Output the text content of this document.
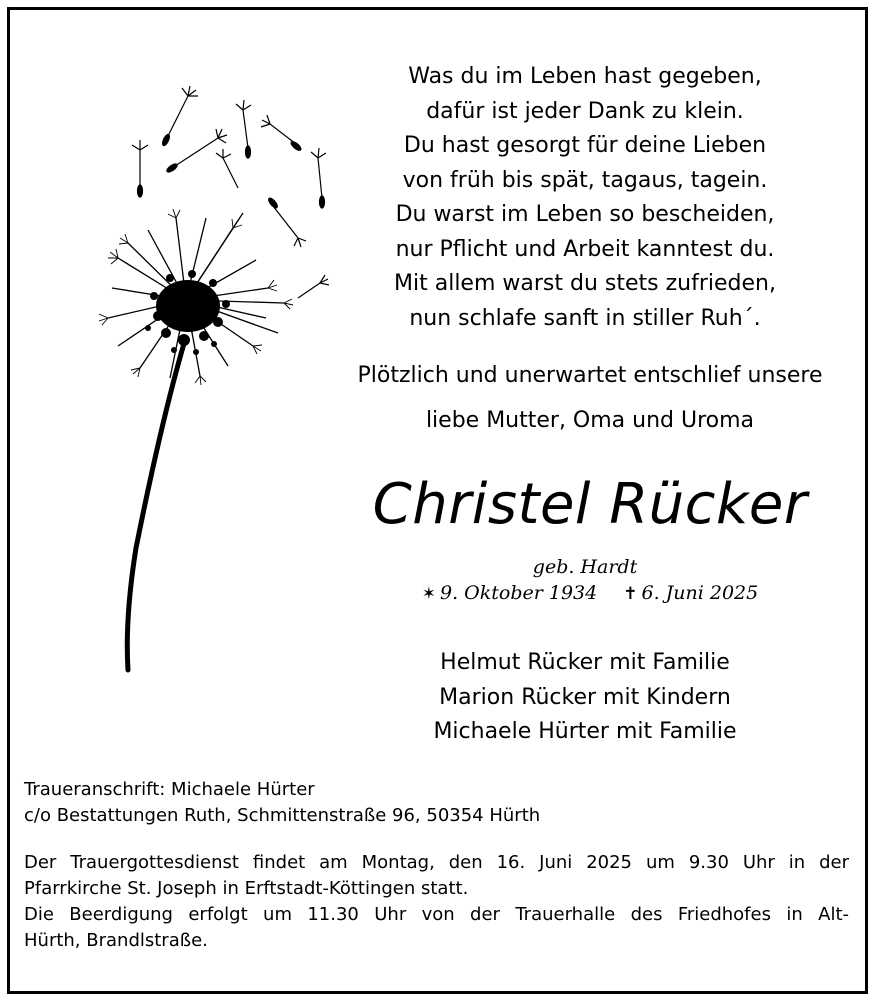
Was du im Leben hast gegeben,
dafür ist jeder Dank zu klein.
Du hast gesorgt für deine Lieben
von früh bis spät, tagaus, tagein.
Du warst im Leben so bescheiden,
nur Pflicht und Arbeit kanntest du.
Mit allem warst du stets zufrieden,
nun schlafe sanft in stiller Ruh´.
Plötzlich und unerwartet entschlief unsere
liebe Mutter, Oma und Uroma
Christel Rücker
geb. Hardt
✶ 9. Oktober 1934 ✝ 6. Juni 2025
Helmut Rücker mit Familie
Marion Rücker mit Kindern
Michaele Hürter mit Familie
Traueranschrift: Michaele Hürter
c/o Bestattungen Ruth, Schmittenstraße 96, 50354 Hürth
Der Trauergottesdienst findet am Montag, den 16. Juni 2025 um 9.30 Uhr in der
Pfarrkirche St. Joseph in Erftstadt-Köttingen statt.
Die Beerdigung erfolgt um 11.30 Uhr von der Trauerhalle des Friedhofes in Alt-
Hürth, Brandlstraße.
